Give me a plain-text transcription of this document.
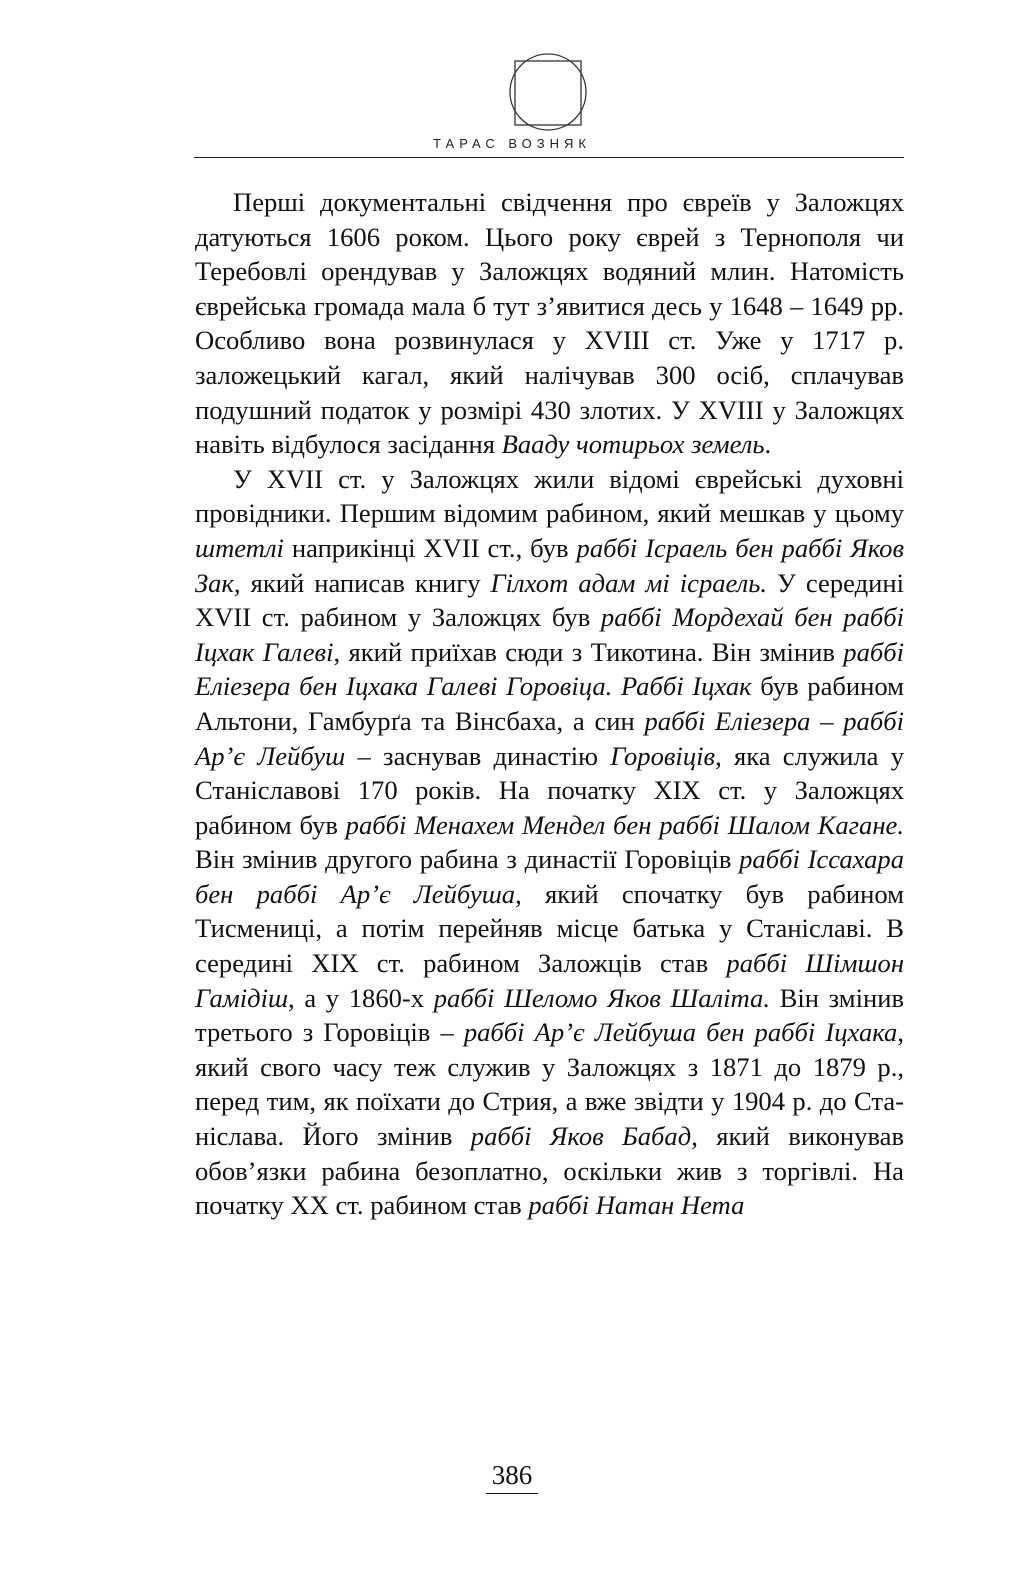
ТАРАС ВОЗНЯК

Перші документальні свідчення про євреїв у Заложцях датуються 1606 роком. Цього року єврей з Тернополя чи Теребовлі орендував у Заложцях водяний млин. Натомість єврейська громада мала б тут з’явитися десь у 1648 – 1649 рр. Особливо вона розвинулася у XVIII ст. Уже у 1717 р. заложецький кагал, який налічував 300 осіб, сплачував подушний податок у розмірі 430 злотих. У XVIII у Заложцях навіть відбулося засідання Вааду чотирьох земель.

У XVII ст. у Заложцях жили відомі єврейські духовні провідники. Першим відомим рабином, який мешкав у цьому штетлі наприкінці XVII ст., був раббі Ісраель бен раббі Яков Зак, який написав книгу Гілхот адам мі ісраель. У середині XVII ст. рабином у Заложцях був раббі Мордехай бен раббі Іцхак Галеві, який приїхав сюди з Тикотина. Він змінив раббі Еліезера бен Іцхака Галеві Горовіца. Раббі Іцхак був рабином Альтони, Гамбурґа та Вінсбаха, а син раббі Еліезера – раббі Ар’є Лейбуш – заснував династію Горовіців, яка служила у Станіславові 170 років. На початку XIX ст. у Заложцях рабином був раббі Менахем Мендел бен раббі Шалом Кагане. Він змінив другого рабина з династії Горовіців раббі Іссахара бен раббі Ар’є Лейбуша, який спочатку був рабином Тисмениці, а потім перейняв місце батька у Станіславі. В середині XIX ст. рабином Заложців став раббі Шімшон Гамідіш, а у 1860-х раббі Шеломо Яков Шаліта. Він змінив третього з Горовіців – раббі Ар’є Лейбуша бен раббі Іцхака, який свого часу теж служив у Заложцях з 1871 до 1879 р., перед тим, як поїхати до Стрия, а вже звідти у 1904 р. до Станіслава. Його змінив раббі Яков Бабад, який виконував обов’язки рабина безоплатно, оскільки жив з торгівлі. На початку XX ст. рабином став раббі Натан Нета

386
